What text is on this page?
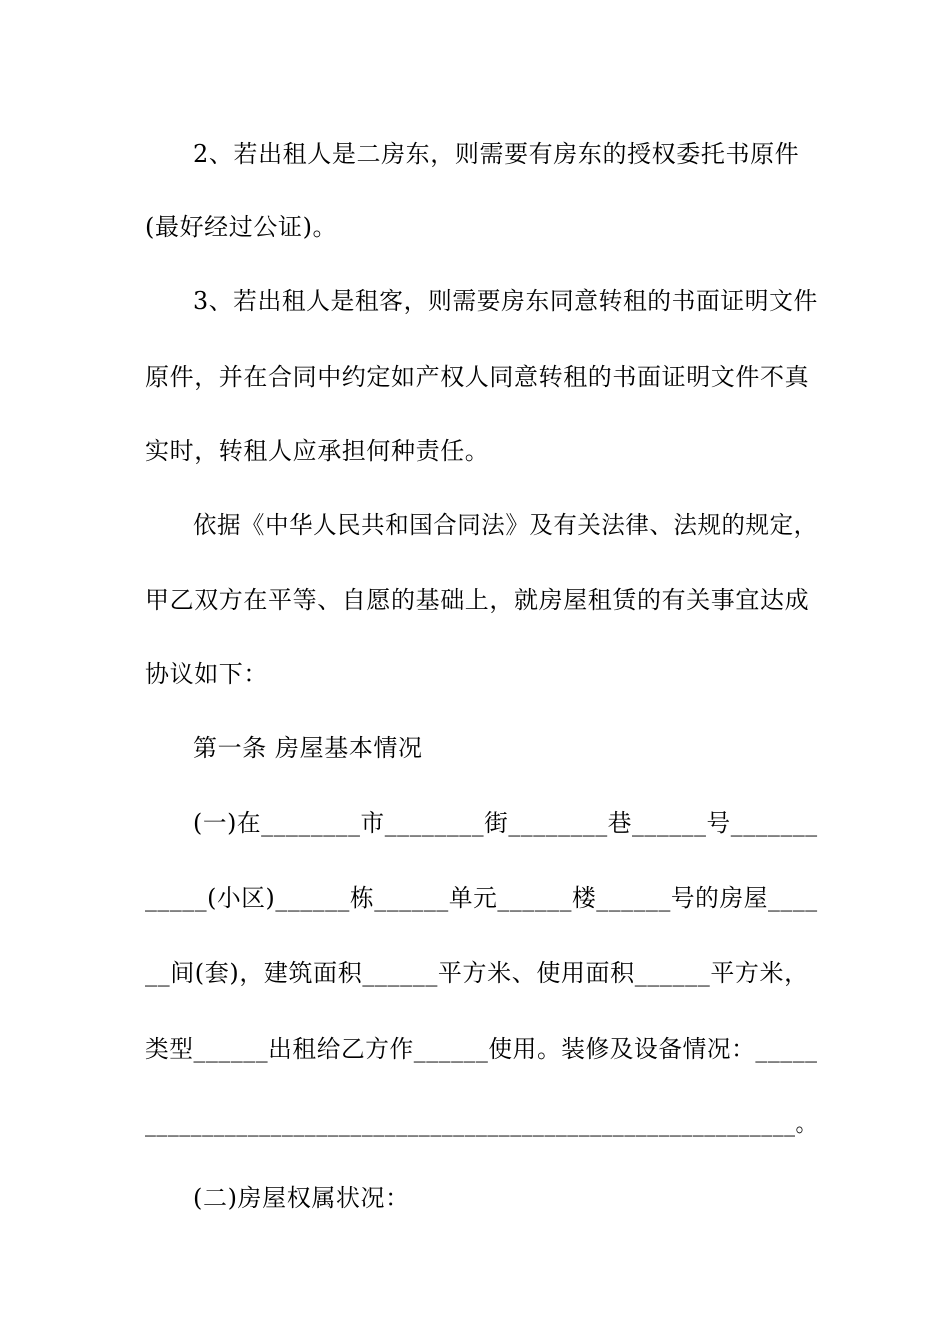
2、若出租人是二房东，则需要有房东的授权委托书原件
(最好经过公证)。
3、若出租人是租客，则需要房东同意转租的书面证明文件
原件，并在合同中约定如产权人同意转租的书面证明文件不真
实时，转租人应承担何种责任。
依据《中华人民共和国合同法》及有关法律、法规的规定，
甲乙双方在平等、自愿的基础上，就房屋租赁的有关事宜达成
协议如下：
第一条 房屋基本情况
(一)在________市________街________巷______号_______
_____(小区)______栋______单元______楼______号的房屋____
__间(套)，建筑面积______平方米、使用面积______平方米，
类型______出租给乙方作______使用。装修及设备情况：_____
_________________________________________________________。
(二)房屋权属状况：
